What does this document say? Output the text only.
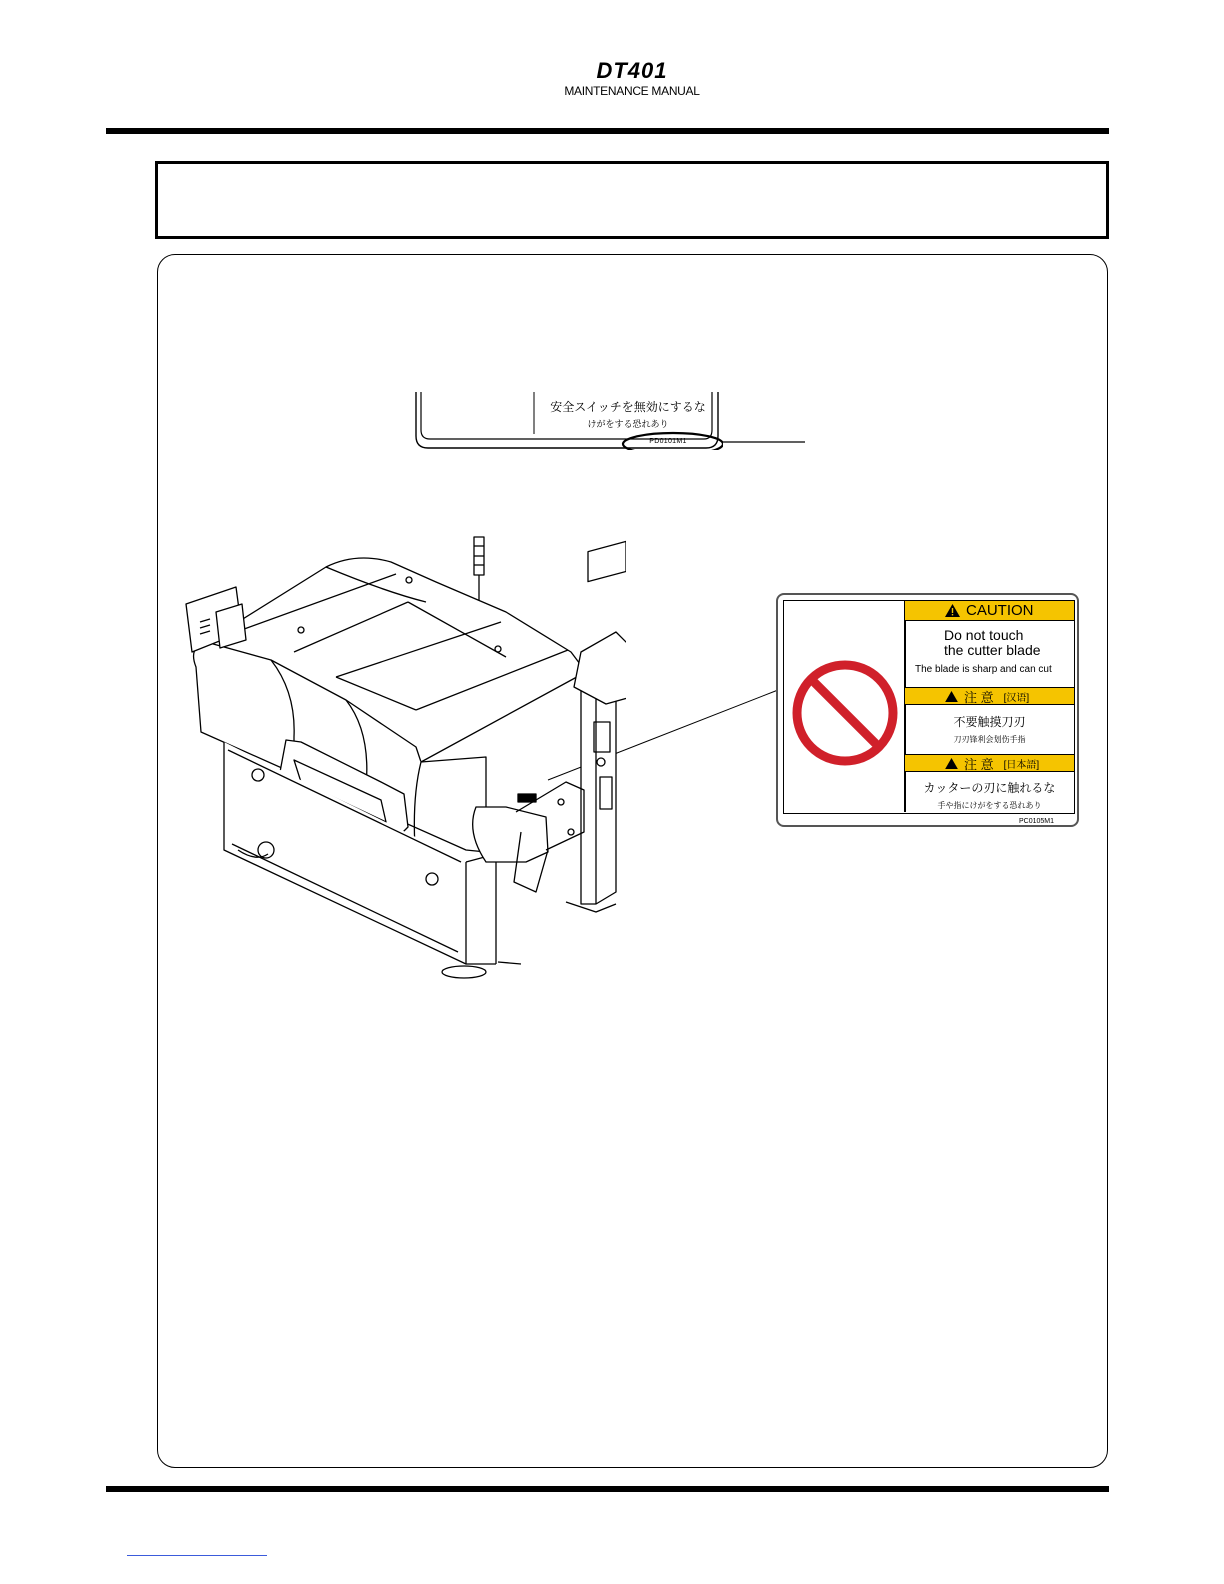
DT401
MAINTENANCE MANUAL
安全スイッチを無効にするな
けがをする恐れあり
PD0101M1
CAUTION
Do not touch
the cutter blade
The blade is sharp and can cut
注 意 [汉语]
不要触摸刀刃
刀刃锋利会划伤手指
注 意 [日本語]
カッターの刃に触れるな
手や指にけがをする恐れあり
PC0105M1
